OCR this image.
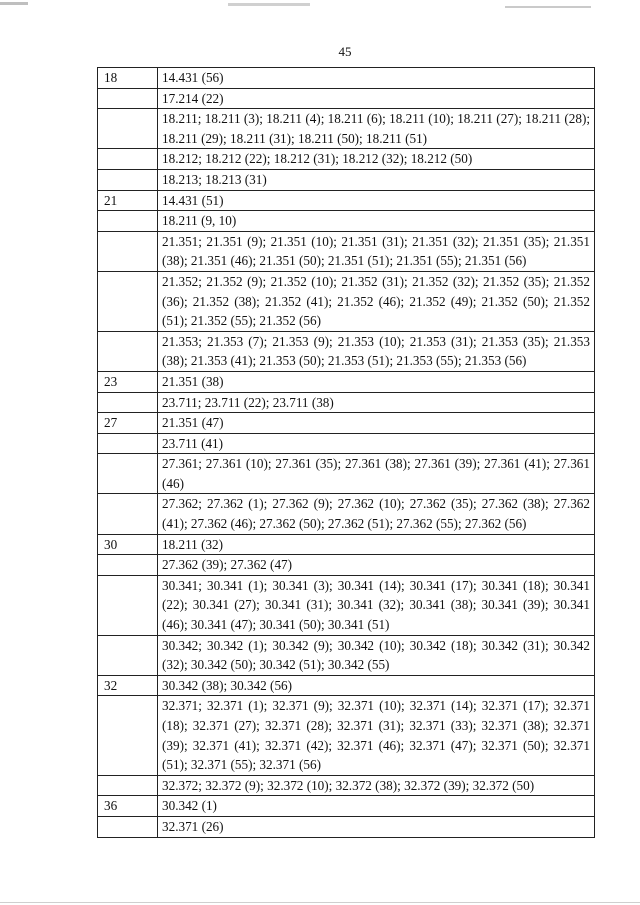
45
18	14.431 (56)
	17.214 (22)
	18.211; 18.211 (3); 18.211 (4); 18.211 (6); 18.211 (10); 18.211 (27); 18.211 (28); 18.211 (29); 18.211 (31); 18.211 (50); 18.211 (51)
	18.212; 18.212 (22); 18.212 (31); 18.212 (32); 18.212 (50)
	18.213; 18.213 (31)
21	14.431 (51)
	18.211 (9, 10)
	21.351; 21.351 (9); 21.351 (10); 21.351 (31); 21.351 (32); 21.351 (35); 21.351 (38); 21.351 (46); 21.351 (50); 21.351 (51); 21.351 (55); 21.351 (56)
	21.352; 21.352 (9); 21.352 (10); 21.352 (31); 21.352 (32); 21.352 (35); 21.352 (36); 21.352 (38); 21.352 (41); 21.352 (46); 21.352 (49); 21.352 (50); 21.352 (51); 21.352 (55); 21.352 (56)
	21.353; 21.353 (7); 21.353 (9); 21.353 (10); 21.353 (31); 21.353 (35); 21.353 (38); 21.353 (41); 21.353 (50); 21.353 (51); 21.353 (55); 21.353 (56)
23	21.351 (38)
	23.711; 23.711 (22); 23.711 (38)
27	21.351 (47)
	23.711 (41)
	27.361; 27.361 (10); 27.361 (35); 27.361 (38); 27.361 (39); 27.361 (41); 27.361 (46)
	27.362; 27.362 (1); 27.362 (9); 27.362 (10); 27.362 (35); 27.362 (38); 27.362 (41); 27.362 (46); 27.362 (50); 27.362 (51); 27.362 (55); 27.362 (56)
30	18.211 (32)
	27.362 (39); 27.362 (47)
	30.341; 30.341 (1); 30.341 (3); 30.341 (14); 30.341 (17); 30.341 (18); 30.341 (22); 30.341 (27); 30.341 (31); 30.341 (32); 30.341 (38); 30.341 (39); 30.341 (46); 30.341 (47); 30.341 (50); 30.341 (51)
	30.342; 30.342 (1); 30.342 (9); 30.342 (10); 30.342 (18); 30.342 (31); 30.342 (32); 30.342 (50); 30.342 (51); 30.342 (55)
32	30.342 (38); 30.342 (56)
	32.371; 32.371 (1); 32.371 (9); 32.371 (10); 32.371 (14); 32.371 (17); 32.371 (18); 32.371 (27); 32.371 (28); 32.371 (31); 32.371 (33); 32.371 (38); 32.371 (39); 32.371 (41); 32.371 (42); 32.371 (46); 32.371 (47); 32.371 (50); 32.371 (51); 32.371 (55); 32.371 (56)
	32.372; 32.372 (9); 32.372 (10); 32.372 (38); 32.372 (39); 32.372 (50)
36	30.342 (1)
	32.371 (26)
